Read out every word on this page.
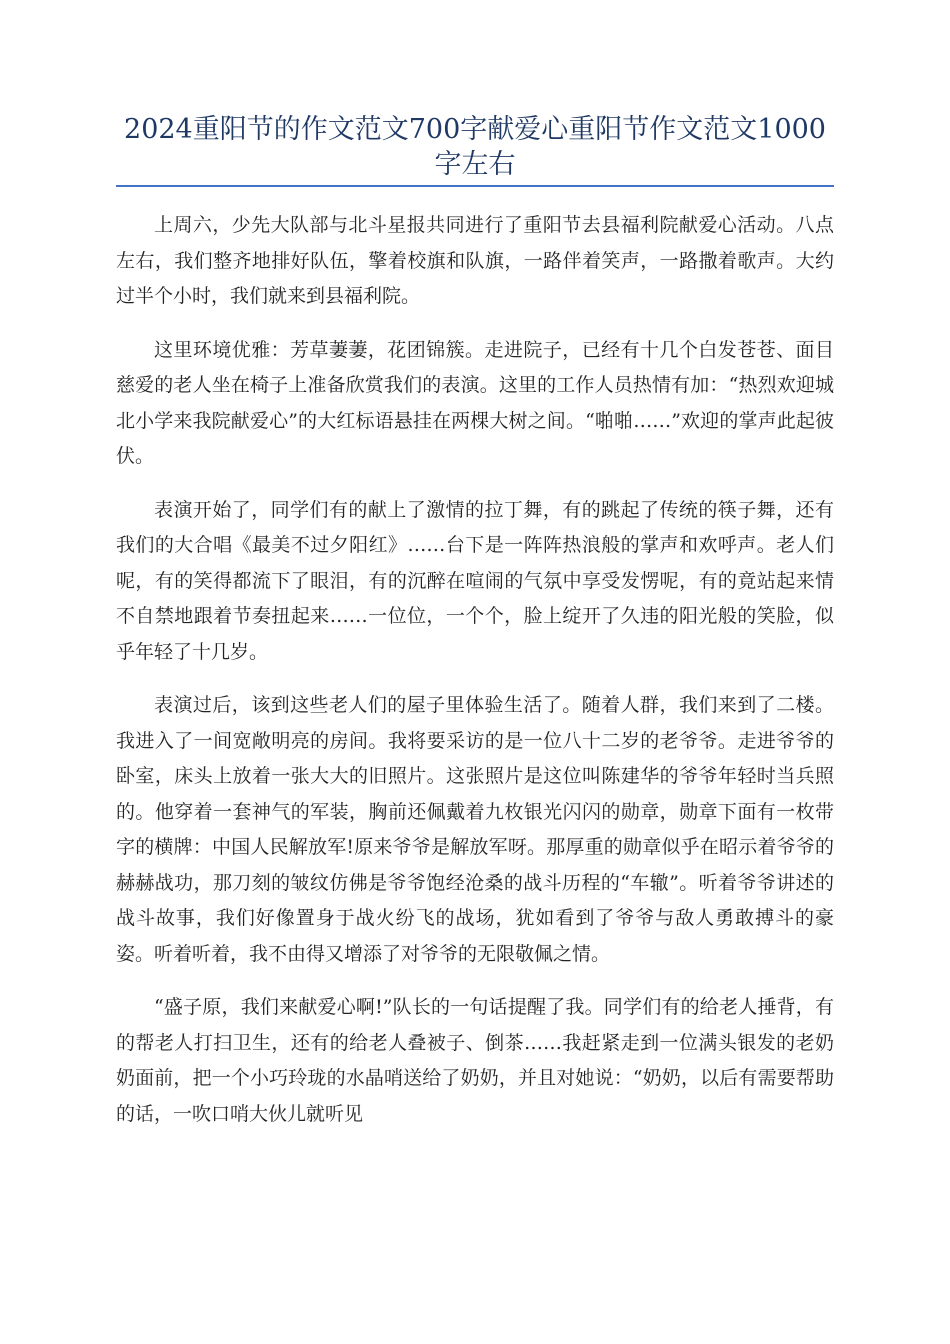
2024重阳节的作文范文700字献爱心重阳节作文范文1000字左右

上周六，少先大队部与北斗星报共同进行了重阳节去县福利院献爱心活动。八点左右，我们整齐地排好队伍，擎着校旗和队旗，一路伴着笑声，一路撒着歌声。大约过半个小时，我们就来到县福利院。

这里环境优雅：芳草萋萋，花团锦簇。走进院子，已经有十几个白发苍苍、面目慈爱的老人坐在椅子上准备欣赏我们的表演。这里的工作人员热情有加：“热烈欢迎城北小学来我院献爱心”的大红标语悬挂在两棵大树之间。“啪啪……”欢迎的掌声此起彼伏。

表演开始了，同学们有的献上了激情的拉丁舞，有的跳起了传统的筷子舞，还有我们的大合唱《最美不过夕阳红》……台下是一阵阵热浪般的掌声和欢呼声。老人们呢，有的笑得都流下了眼泪，有的沉醉在喧闹的气氛中享受发愣呢，有的竟站起来情不自禁地跟着节奏扭起来……一位位，一个个，脸上绽开了久违的阳光般的笑脸，似乎年轻了十几岁。

表演过后，该到这些老人们的屋子里体验生活了。随着人群，我们来到了二楼。我进入了一间宽敞明亮的房间。我将要采访的是一位八十二岁的老爷爷。走进爷爷的卧室，床头上放着一张大大的旧照片。这张照片是这位叫陈建华的爷爷年轻时当兵照的。他穿着一套神气的军装，胸前还佩戴着九枚银光闪闪的勋章，勋章下面有一枚带字的横牌：中国人民解放军!原来爷爷是解放军呀。那厚重的勋章似乎在昭示着爷爷的赫赫战功，那刀刻的皱纹仿佛是爷爷饱经沧桑的战斗历程的“车辙”。听着爷爷讲述的战斗故事，我们好像置身于战火纷飞的战场，犹如看到了爷爷与敌人勇敢搏斗的豪姿。听着听着，我不由得又增添了对爷爷的无限敬佩之情。

“盛子原，我们来献爱心啊!”队长的一句话提醒了我。同学们有的给老人捶背，有的帮老人打扫卫生，还有的给老人叠被子、倒茶……我赶紧走到一位满头银发的老奶奶面前，把一个小巧玲珑的水晶哨送给了奶奶，并且对她说：“奶奶，以后有需要帮助的话，一吹口哨大伙儿就听见
